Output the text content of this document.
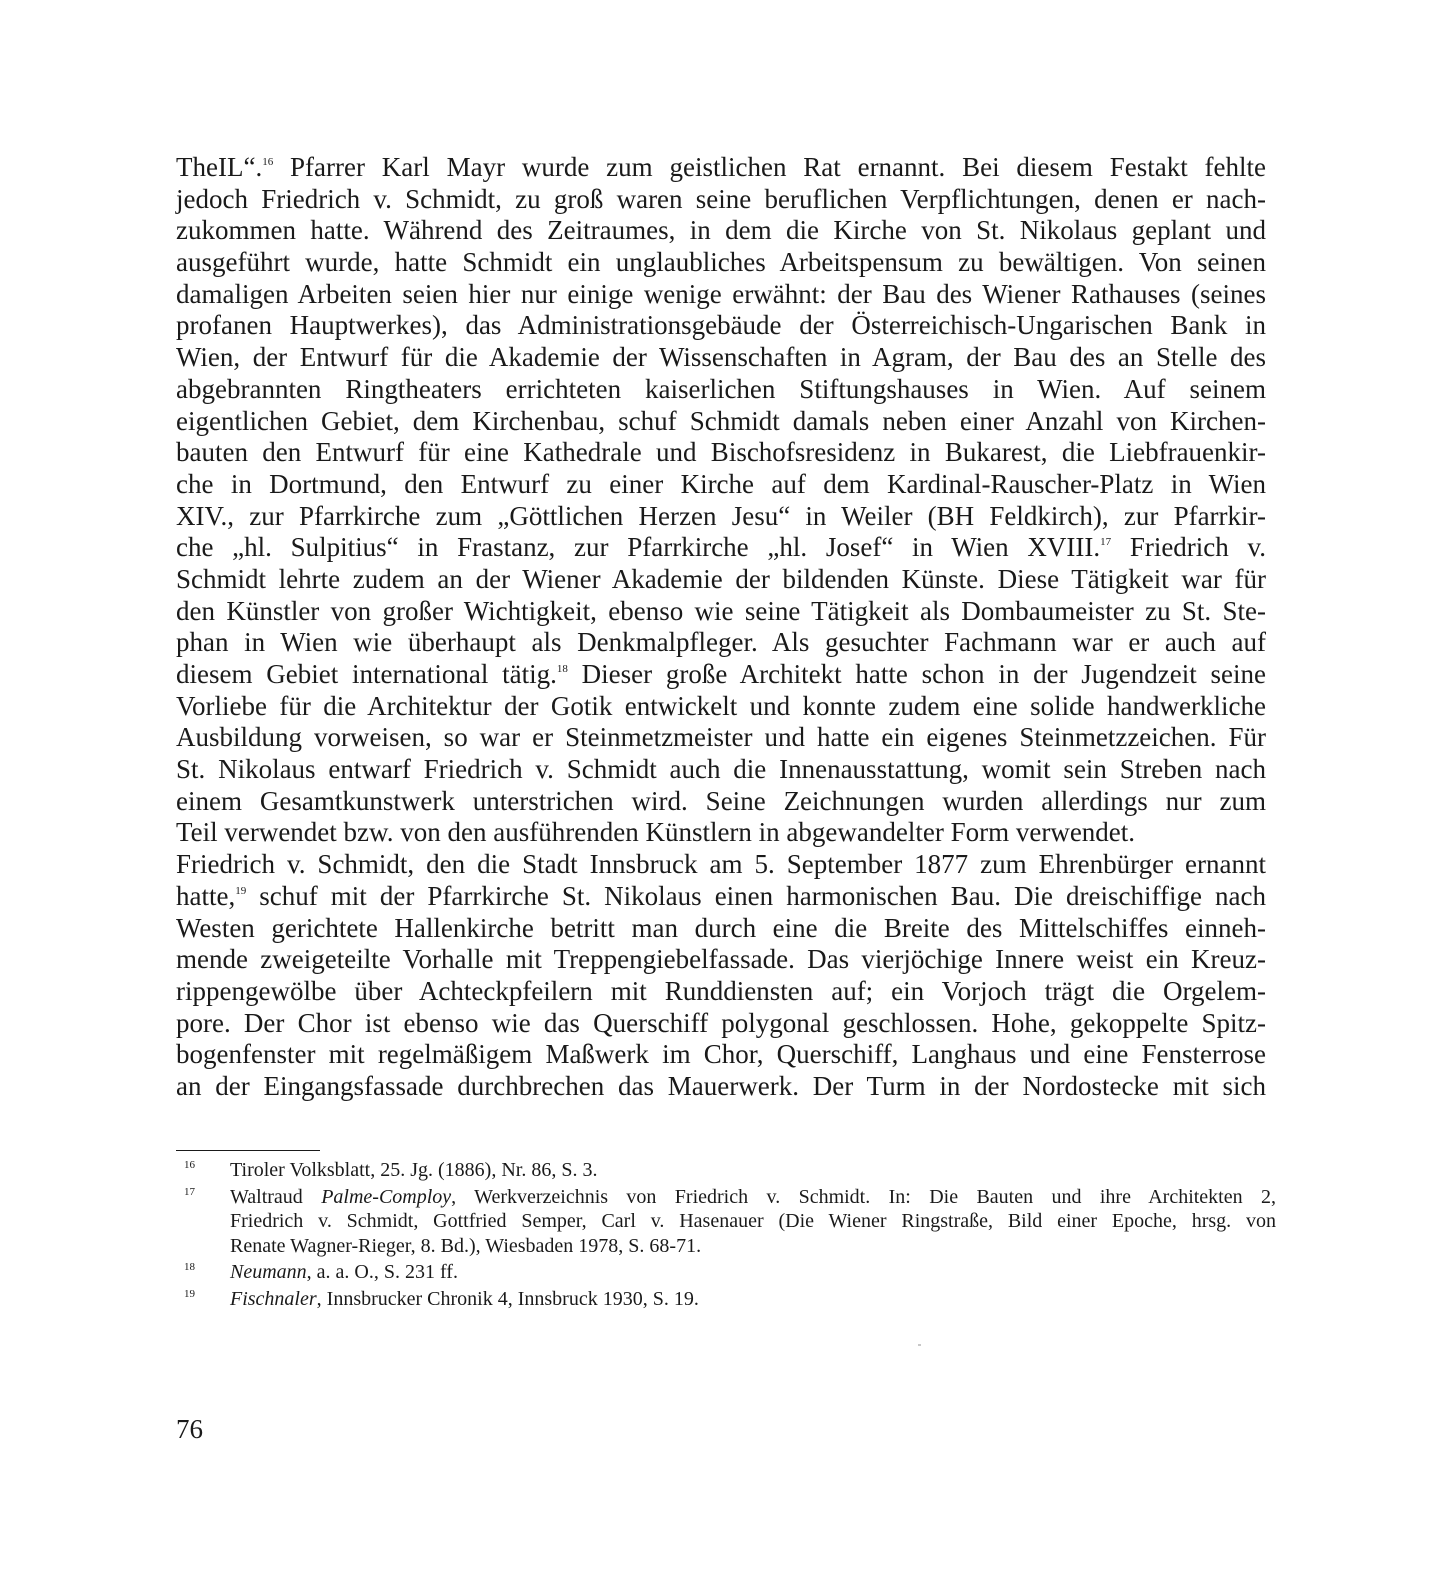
TheIL“.$^{16}$ Pfarrer Karl Mayr wurde zum geistlichen Rat ernannt. Bei diesem Festakt fehlte
jedoch Friedrich v. Schmidt, zu groß waren seine beruflichen Verpflichtungen, denen er nach-
zukommen hatte. Während des Zeitraumes, in dem die Kirche von St. Nikolaus geplant und
ausgeführt wurde, hatte Schmidt ein unglaubliches Arbeitspensum zu bewältigen. Von seinen
damaligen Arbeiten seien hier nur einige wenige erwähnt: der Bau des Wiener Rathauses (seines
profanen Hauptwerkes), das Administrationsgebäude der Österreichisch-Ungarischen Bank in
Wien, der Entwurf für die Akademie der Wissenschaften in Agram, der Bau des an Stelle des
abgebrannten Ringtheaters errichteten kaiserlichen Stiftungshauses in Wien. Auf seinem
eigentlichen Gebiet, dem Kirchenbau, schuf Schmidt damals neben einer Anzahl von Kirchen-
bauten den Entwurf für eine Kathedrale und Bischofsresidenz in Bukarest, die Liebfrauenkir-
che in Dortmund, den Entwurf zu einer Kirche auf dem Kardinal-Rauscher-Platz in Wien
XIV., zur Pfarrkirche zum „Göttlichen Herzen Jesu“ in Weiler (BH Feldkirch), zur Pfarrkir-
che „hl. Sulpitius“ in Frastanz, zur Pfarrkirche „hl. Josef“ in Wien XVIII.$^{17}$ Friedrich v.
Schmidt lehrte zudem an der Wiener Akademie der bildenden Künste. Diese Tätigkeit war für
den Künstler von großer Wichtigkeit, ebenso wie seine Tätigkeit als Dombaumeister zu St. Ste-
phan in Wien wie überhaupt als Denkmalpfleger. Als gesuchter Fachmann war er auch auf
diesem Gebiet international tätig.$^{18}$ Dieser große Architekt hatte schon in der Jugendzeit seine
Vorliebe für die Architektur der Gotik entwickelt und konnte zudem eine solide handwerkliche
Ausbildung vorweisen, so war er Steinmetzmeister und hatte ein eigenes Steinmetzzeichen. Für
St. Nikolaus entwarf Friedrich v. Schmidt auch die Innenausstattung, womit sein Streben nach
einem Gesamtkunstwerk unterstrichen wird. Seine Zeichnungen wurden allerdings nur zum
Teil verwendet bzw. von den ausführenden Künstlern in abgewandelter Form verwendet.
Friedrich v. Schmidt, den die Stadt Innsbruck am 5. September 1877 zum Ehrenbürger ernannt
hatte,$^{19}$ schuf mit der Pfarrkirche St. Nikolaus einen harmonischen Bau. Die dreischiffige nach
Westen gerichtete Hallenkirche betritt man durch eine die Breite des Mittelschiffes einneh-
mende zweigeteilte Vorhalle mit Treppengiebelfassade. Das vierjöchige Innere weist ein Kreuz-
rippengewölbe über Achteckpfeilern mit Runddiensten auf; ein Vorjoch trägt die Orgelem-
pore. Der Chor ist ebenso wie das Querschiff polygonal geschlossen. Hohe, gekoppelte Spitz-
bogenfenster mit regelmäßigem Maßwerk im Chor, Querschiff, Langhaus und eine Fensterrose
an der Eingangsfassade durchbrechen das Mauerwerk. Der Turm in der Nordostecke mit sich
16 Tiroler Volksblatt, 25. Jg. (1886), Nr. 86, S. 3.
17 Waltraud Palme-Comploy, Werkverzeichnis von Friedrich v. Schmidt. In: Die Bauten und ihre Architekten 2,
Friedrich v. Schmidt, Gottfried Semper, Carl v. Hasenauer (Die Wiener Ringstraße, Bild einer Epoche, hrsg. von
Renate Wagner-Rieger, 8. Bd.), Wiesbaden 1978, S. 68-71.
18 Neumann, a. a. O., S. 231 ff.
19 Fischnaler, Innsbrucker Chronik 4, Innsbruck 1930, S. 19.
76
